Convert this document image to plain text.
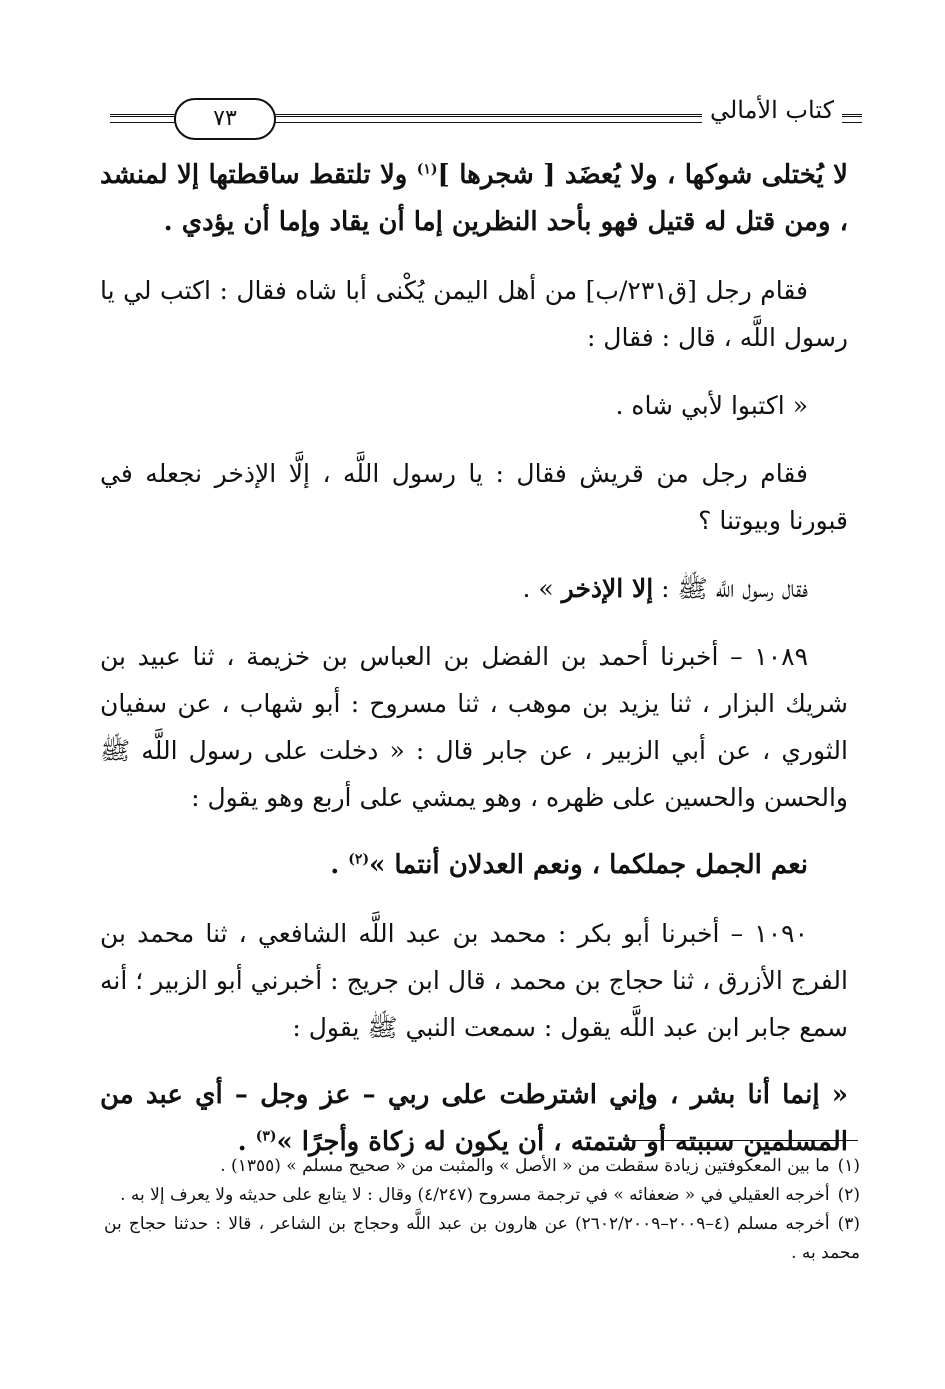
كتاب الأمالي
٧٣

لا يُختلى شوكها ، ولا يُعضَد [ شجرها ]$^{(١)}$ ولا تلتقط ساقطتها إلا لمنشد ، ومن قتل له قتيل فهو بأحد النظرين إما أن يقاد وإما أن يؤدي .

فقام رجل [ق٢٣١/ب] من أهل اليمن يُكْنى أبا شاه فقال : اكتب لي يا رسول اللَّه ، قال : فقال :

« اكتبوا لأبي شاه .

فقام رجل من قريش فقال : يا رسول اللَّه ، إلَّا الإذخر نجعله في قبورنا وبيوتنا ؟

فقال رسول اللَّه ﷺ : إلا الإذخر » .

١٠٨٩ – أخبرنا أحمد بن الفضل بن العباس بن خزيمة ، ثنا عبيد بن شريك البزار ، ثنا يزيد بن موهب ، ثنا مسروح : أبو شهاب ، عن سفيان الثوري ، عن أبي الزبير ، عن جابر قال : « دخلت على رسول اللَّه ﷺ والحسن والحسين على ظهره ، وهو يمشي على أربع وهو يقول :

نعم الجمل جملكما ، ونعم العدلان أنتما »$^{(٢)}$ .

١٠٩٠ – أخبرنا أبو بكر : محمد بن عبد اللَّه الشافعي ، ثنا محمد بن الفرج الأزرق ، ثنا حجاج بن محمد ، قال ابن جريج : أخبرني أبو الزبير ؛ أنه سمع جابر ابن عبد اللَّه يقول : سمعت النبي ﷺ يقول :

« إنما أنا بشر ، وإني اشترطت على ربي – عز وجل – أي عبد من المسلمين سببته أو شتمته ، أن يكون له زكاة وأجرًا »$^{(٣)}$ .

(١)ما بين المعكوفتين زيادة سقطت من « الأصل » والمثبت من « صحيح مسلم » (١٣٥٥) .

(٢)أخرجه العقيلي في « ضعفائه » في ترجمة مسروح (٤/٢٤٧) وقال : لا يتابع على حديثه ولا يعرف إلا به .

(٣)أخرجه مسلم (٤–٢٠٠٩–٢٦٠٢/٢٠٠٩) عن هارون بن عبد اللَّه وحجاج بن الشاعر ، قالا : حدثنا حجاج بن محمد به .
